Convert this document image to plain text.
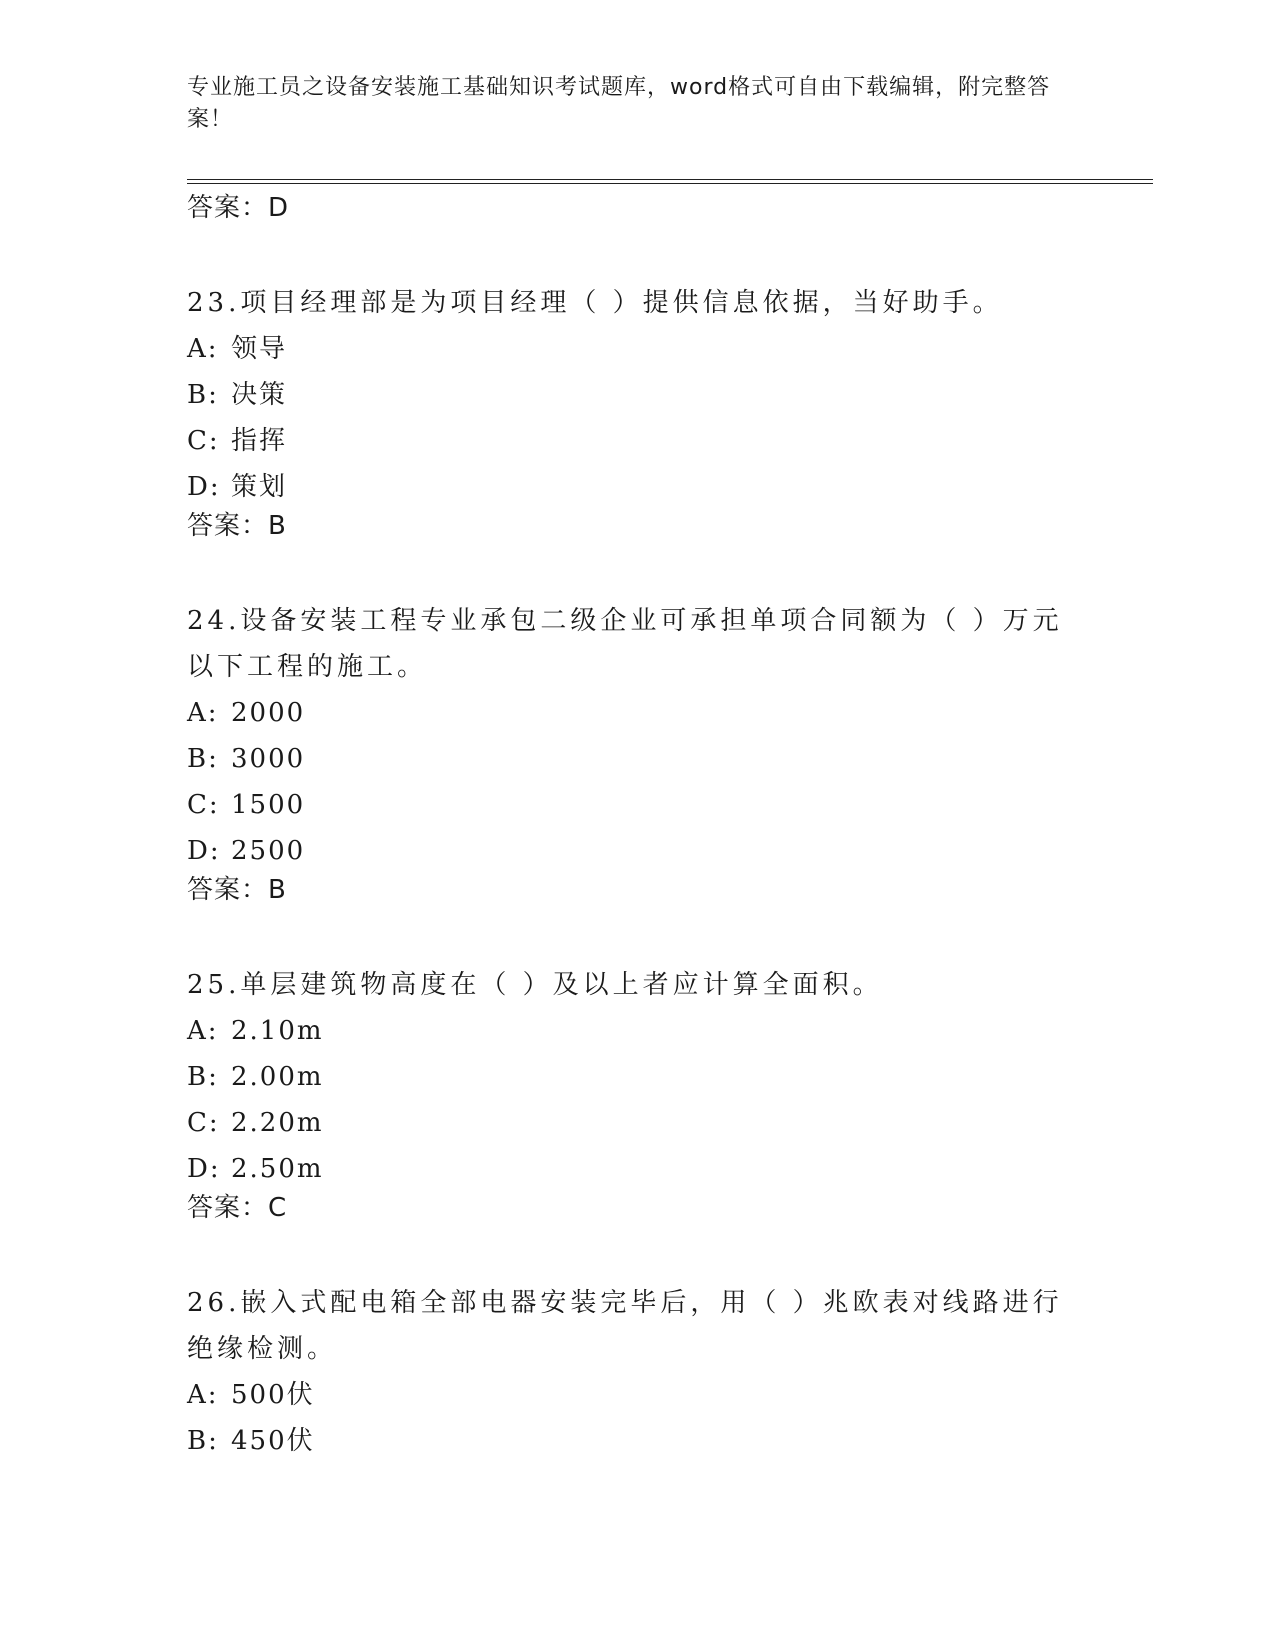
专业施工员之设备安装施工基础知识考试题库，word格式可自由下载编辑，附完整答案！
答案：D
23.项目经理部是为项目经理（ ）提供信息依据，当好助手。
A: 领导
B: 决策
C: 指挥
D: 策划
答案：B
24.设备安装工程专业承包二级企业可承担单项合同额为（ ）万元以下工程的施工。
A: 2000
B: 3000
C: 1500
D: 2500
答案：B
25.单层建筑物高度在（ ）及以上者应计算全面积。
A: 2.10m
B: 2.00m
C: 2.20m
D: 2.50m
答案：C
26.嵌入式配电箱全部电器安装完毕后，用（ ）兆欧表对线路进行绝缘检测。
A: 500伏
B: 450伏
